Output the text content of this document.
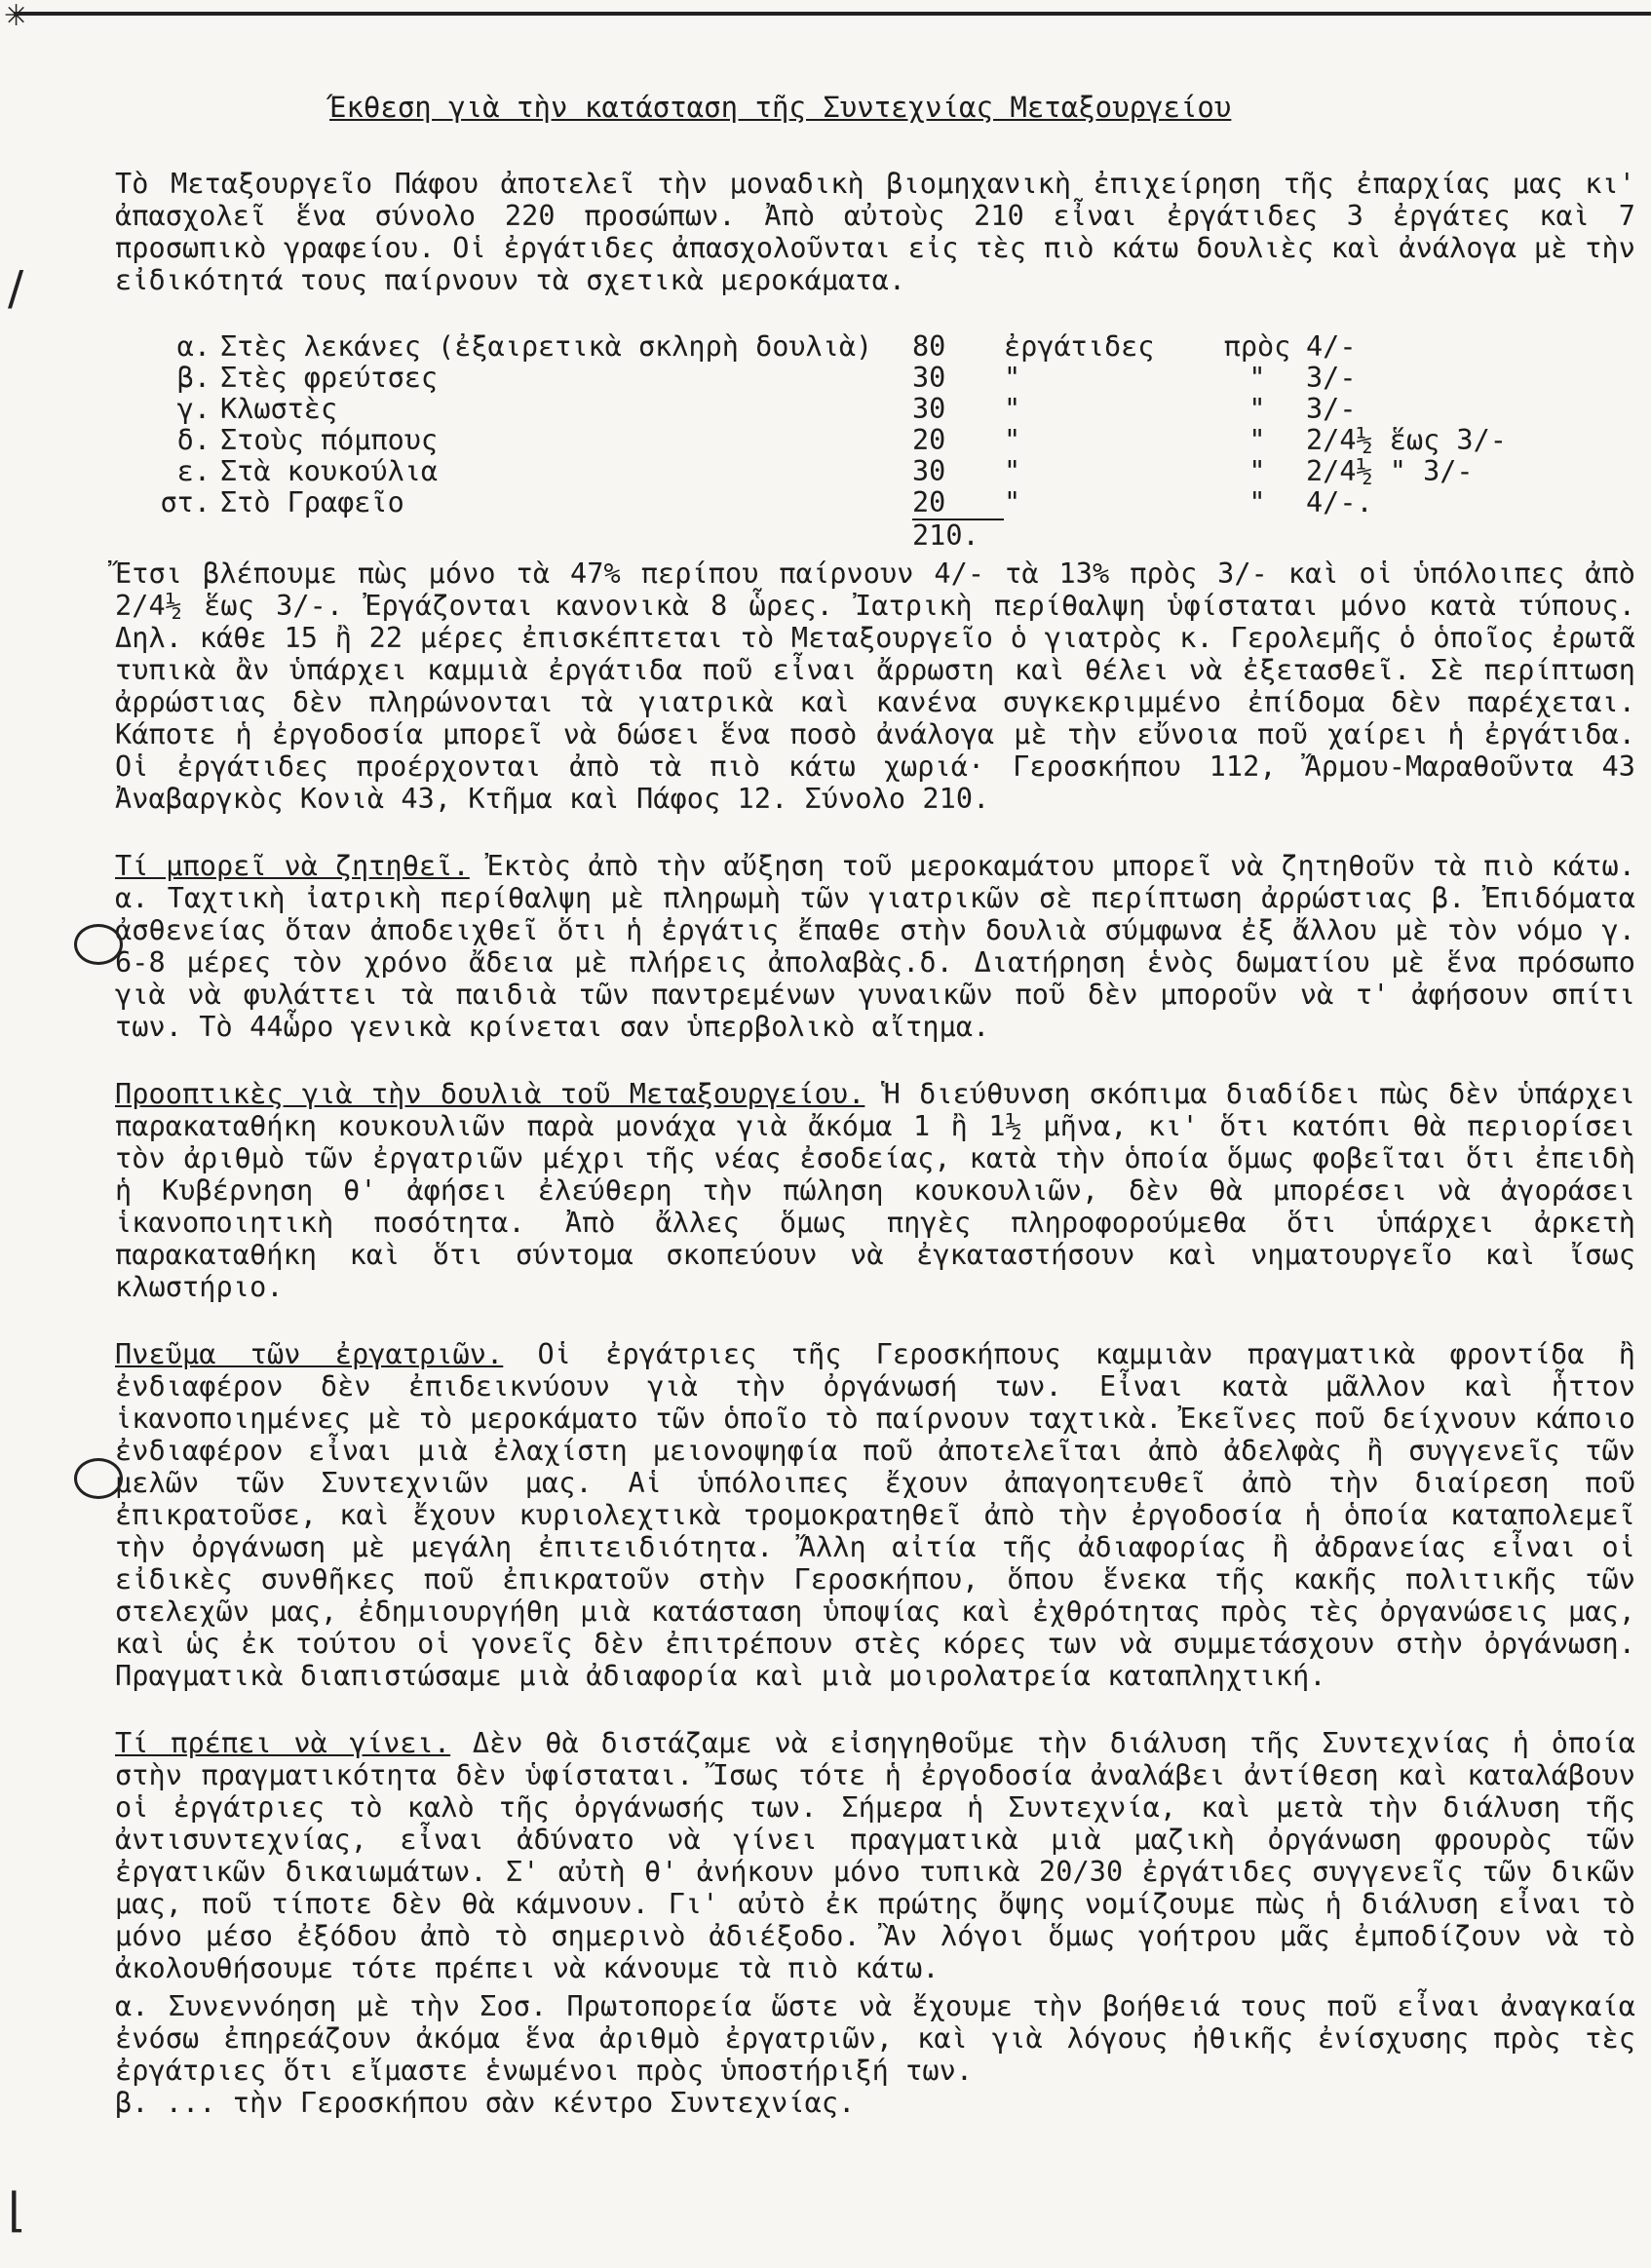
✳
/
⌊
Έκθεση γιὰ τὴν κατάσταση τῆς Συντεχνίας Μεταξουργείου

Τὸ Μεταξουργεῖο Πάφου ἀποτελεῖ τὴν μοναδικὴ βιομηχανικὴ ἐπιχείρηση τῆς ἐπαρχίας μας κι' ἀπασχολεῖ ἕνα σύνολο 220 προσώπων. Ἀπὸ αὐτοὺς 210 εἶναι ἐργάτιδες 3 ἐργάτες καὶ 7 προσωπικὸ γραφείου. Οἱ ἐργάτιδες ἀπασχολοῦνται εἰς τὲς πιὸ κάτω δουλιὲς καὶ ἀνάλογα μὲ τὴν εἰδικότητά τους παίρνουν τὰ σχετικὰ μεροκάματα.

α.	Στὲς λεκάνες (ἐξαιρετικὰ σκληρὴ δουλιὰ)	80	ἐργάτιδες	πρὸς	4/-
β.	Στὲς φρεύτσες	30	"	"	3/-
γ.	Κλωστὲς	30	"	"	3/-
δ.	Στοὺς πόμπους	20	"	"	2/4½ ἕως 3/-
ε.	Στὰ κουκούλια	30	"	"	2/4½ " 3/-
στ.	Στὸ Γραφεῖο	20	"	"	4/-.
		210.			

Ἔτσι βλέπουμε πὼς μόνο τὰ 47% περίπου παίρνουν 4/- τὰ 13% πρὸς 3/- καὶ οἱ ὑπόλοιπες ἀπὸ 2/4½ ἕως 3/-. Ἐργάζονται κανονικὰ 8 ὧρες. Ἰατρικὴ περίθαλψη ὑφίσταται μόνο κατὰ τύπους. Δηλ. κάθε 15 ἢ 22 μέρες ἐπισκέπτεται τὸ Μεταξουργεῖο ὁ γιατρὸς κ. Γερολεμῆς ὁ ὁποῖος ἐρωτᾶ τυπικὰ ἂν ὑπάρχει καμμιὰ ἐργάτιδα ποῦ εἶναι ἄρρωστη καὶ θέλει νὰ ἐξετασθεῖ. Σὲ περίπτωση ἀρρώστιας δὲν πληρώνονται τὰ γιατρικὰ καὶ κανένα συγκεκριμμένο ἐπίδομα δὲν παρέχεται. Κάποτε ἡ ἐργοδοσία μπορεῖ νὰ δώσει ἕνα ποσὸ ἀνάλογα μὲ τὴν εὔνοια ποῦ χαίρει ἡ ἐργάτιδα. Οἱ ἐργάτιδες προέρχονται ἀπὸ τὰ πιὸ κάτω χωριά· Γεροσκήπου 112, Ἄρμου-Μαραθοῦντα 43 Ἀναβαργκὸς Κονιὰ 43, Κτῆμα καὶ Πάφος 12. Σύνολο 210.

Τί μπορεῖ νὰ ζητηθεῖ. Ἐκτὸς ἀπὸ τὴν αὔξηση τοῦ μεροκαμάτου μπορεῖ νὰ ζητηθοῦν τὰ πιὸ κάτω. α. Ταχτικὴ ἰατρικὴ περίθαλψη μὲ πληρωμὴ τῶν γιατρικῶν σὲ περίπτωση ἀρρώστιας β. Ἐπιδόματα ἀσθενείας ὅταν ἀποδειχθεῖ ὅτι ἡ ἐργάτις ἔπαθε στὴν δουλιὰ σύμφωνα ἐξ ἄλλου μὲ τὸν νόμο γ. 6-8 μέρες τὸν χρόνο ἄδεια μὲ πλήρεις ἀπολαβὰς.δ. Διατήρηση ἑνὸς δωματίου μὲ ἕνα πρόσωπο γιὰ νὰ φυλάττει τὰ παιδιὰ τῶν παντρεμένων γυναικῶν ποῦ δὲν μποροῦν νὰ τ' ἀφήσουν σπίτι των. Τὸ 44ὧρο γενικὰ κρίνεται σαν ὑπερβολικὸ αἴτημα.

Προοπτικὲς γιὰ τὴν δουλιὰ τοῦ Μεταξουργείου. Ἡ διεύθυνση σκόπιμα διαδίδει πὼς δὲν ὑπάρχει παρακαταθήκη κουκουλιῶν παρὰ μονάχα γιὰ ἄκόμα 1 ἢ 1½ μῆνα, κι' ὅτι κατόπι θὰ περιορίσει τὸν ἀριθμὸ τῶν ἐργατριῶν μέχρι τῆς νέας ἐσοδείας, κατὰ τὴν ὁποία ὅμως φοβεῖται ὅτι ἐπειδὴ ἡ Κυβέρνηση θ' ἀφήσει ἐλεύθερη τὴν πώληση κουκουλιῶν, δὲν θὰ μπορέσει νὰ ἀγοράσει ἱκανοποιητικὴ ποσότητα. Ἀπὸ ἄλλες ὅμως πηγὲς πληροφορούμεθα ὅτι ὑπάρχει ἀρκετὴ παρακαταθήκη καὶ ὅτι σύντομα σκοπεύουν νὰ ἐγκαταστήσουν καὶ νηματουργεῖο καὶ ἴσως κλωστήριο.

Πνεῦμα τῶν ἐργατριῶν. Οἱ ἐργάτριες τῆς Γεροσκήπους καμμιὰν πραγματικὰ φροντίδα ἢ ἐνδιαφέρον δὲν ἐπιδεικνύουν γιὰ τὴν ὀργάνωσή των. Εἶναι κατὰ μᾶλλον καὶ ἧττον ἱκανοποιημένες μὲ τὸ μεροκάματο τῶν ὁποῖο τὸ παίρνουν ταχτικὰ. Ἐκεῖνες ποῦ δείχνουν κάποιο ἐνδιαφέρον εἶναι μιὰ ἐλαχίστη μειονοψηφία ποῦ ἀποτελεῖται ἀπὸ ἀδελφὰς ἢ συγγενεῖς τῶν μελῶν τῶν Συντεχνιῶν μας. Αἱ ὑπόλοιπες ἔχουν ἀπαγοητευθεῖ ἀπὸ τὴν διαίρεση ποῦ ἐπικρατοῦσε, καὶ ἔχουν κυριολεχτικὰ τρομοκρατηθεῖ ἀπὸ τὴν ἐργοδοσία ἡ ὁποία καταπολεμεῖ τὴν ὀργάνωση μὲ μεγάλη ἐπιτειδιότητα. Ἄλλη αἰτία τῆς ἀδιαφορίας ἢ ἀδρανείας εἶναι οἱ εἰδικὲς συνθῆκες ποῦ ἐπικρατοῦν στὴν Γεροσκήπου, ὅπου ἕνεκα τῆς κακῆς πολιτικῆς τῶν στελεχῶν μας, ἐδημιουργήθη μιὰ κατάσταση ὑποψίας καὶ ἐχθρότητας πρὸς τὲς ὀργανώσεις μας, καὶ ὡς ἐκ τούτου οἱ γονεῖς δὲν ἐπιτρέπουν στὲς κόρες των νὰ συμμετάσχουν στὴν ὀργάνωση. Πραγματικὰ διαπιστώσαμε μιὰ ἀδιαφορία καὶ μιὰ μοιρολατρεία καταπληχτική.

Τί πρέπει νὰ γίνει. Δὲν θὰ διστάζαμε νὰ εἰσηγηθοῦμε τὴν διάλυση τῆς Συντεχνίας ἡ ὁποία στὴν πραγματικότητα δὲν ὑφίσταται. Ἴσως τότε ἡ ἐργοδοσία ἀναλάβει ἀντίθεση καὶ καταλάβουν οἱ ἐργάτριες τὸ καλὸ τῆς ὀργάνωσής των. Σήμερα ἡ Συντεχνία, καὶ μετὰ τὴν διάλυση τῆς ἀντισυντεχνίας, εἶναι ἀδύνατο νὰ γίνει πραγματικὰ μιὰ μαζικὴ ὀργάνωση φρουρὸς τῶν ἐργατικῶν δικαιωμάτων. Σ' αὐτὴ θ' ἀνήκουν μόνο τυπικὰ 20/30 ἐργάτιδες συγγενεῖς τῶν δικῶν μας, ποῦ τίποτε δὲν θὰ κάμνουν. Γι' αὐτὸ ἐκ πρώτης ὄψης νομίζουμε πὼς ἡ διάλυση εἶναι τὸ μόνο μέσο ἐξόδου ἀπὸ τὸ σημερινὸ ἀδιέξοδο. Ἂν λόγοι ὅμως γοήτρου μᾶς ἐμποδίζουν νὰ τὸ ἀκολουθήσουμε τότε πρέπει νὰ κάνουμε τὰ πιὸ κάτω.

α. Συνεννόηση μὲ τὴν Σοσ. Πρωτοπορεία ὥστε νὰ ἔχουμε τὴν βοήθειά τους ποῦ εἶναι ἀναγκαία ἐνόσω ἐπηρεάζουν ἀκόμα ἕνα ἀριθμὸ ἐργατριῶν, καὶ γιὰ λόγους ἠθικῆς ἐνίσχυσης πρὸς τὲς ἐργάτριες ὅτι εἴμαστε ἑνωμένοι πρὸς ὑποστήριξή των.

β. ... τὴν Γεροσκήπου σὰν κέντρο Συντεχνίας.
